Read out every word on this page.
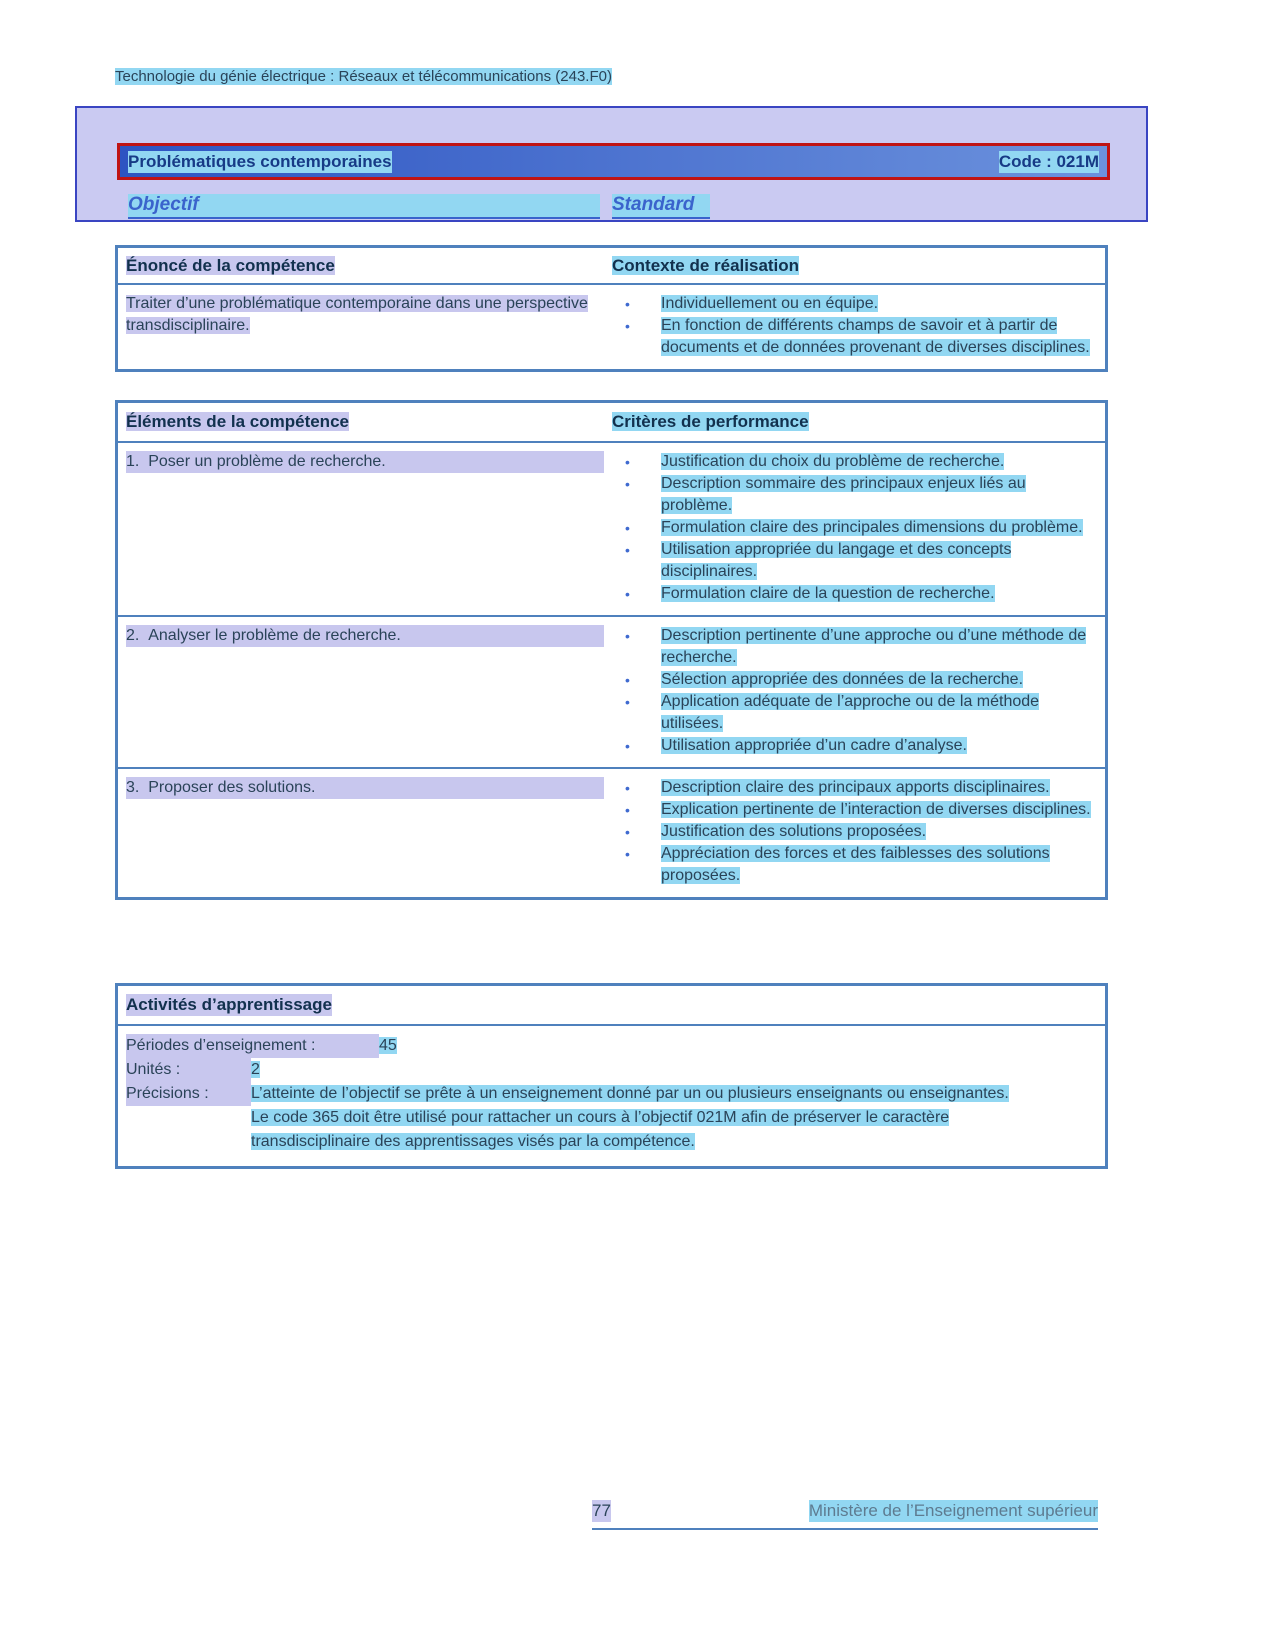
Technologie du génie électrique : Réseaux et télécommunications (243.F0)
Problématiques contemporaines	Code : 021M
Objectif	Standard
Énoncé de la compétence	Contexte de réalisation
Traiter d’une problématique contemporaine dans une perspective transdisciplinaire.
•	Individuellement ou en équipe.
•	En fonction de différents champs de savoir et à partir de documents et de données provenant de diverses disciplines.
Éléments de la compétence	Critères de performance
1.  Poser un problème de recherche.	•	Justification du choix du problème de recherche.
•	Description sommaire des principaux enjeux liés au problème.
•	Formulation claire des principales dimensions du problème.
•	Utilisation appropriée du langage et des concepts disciplinaires.
•	Formulation claire de la question de recherche.
2.  Analyser le problème de recherche.	•	Description pertinente d’une approche ou d’une méthode de recherche.
•	Sélection appropriée des données de la recherche.
•	Application adéquate de l’approche ou de la méthode utilisées.
•	Utilisation appropriée d’un cadre d’analyse.
3.  Proposer des solutions.	•	Description claire des principaux apports disciplinaires.
•	Explication pertinente de l’interaction de diverses disciplines.
•	Justification des solutions proposées.
•	Appréciation des forces et des faiblesses des solutions proposées.
Activités d’apprentissage
Périodes d’enseignement :	45
Unités :	2
Précisions :	L’atteinte de l’objectif se prête à un enseignement donné par un ou plusieurs enseignants ou enseignantes.
Le code 365 doit être utilisé pour rattacher un cours à l’objectif 021M afin de préserver le caractère transdisciplinaire des apprentissages visés par la compétence.
77	Ministère de l’Enseignement supérieur
